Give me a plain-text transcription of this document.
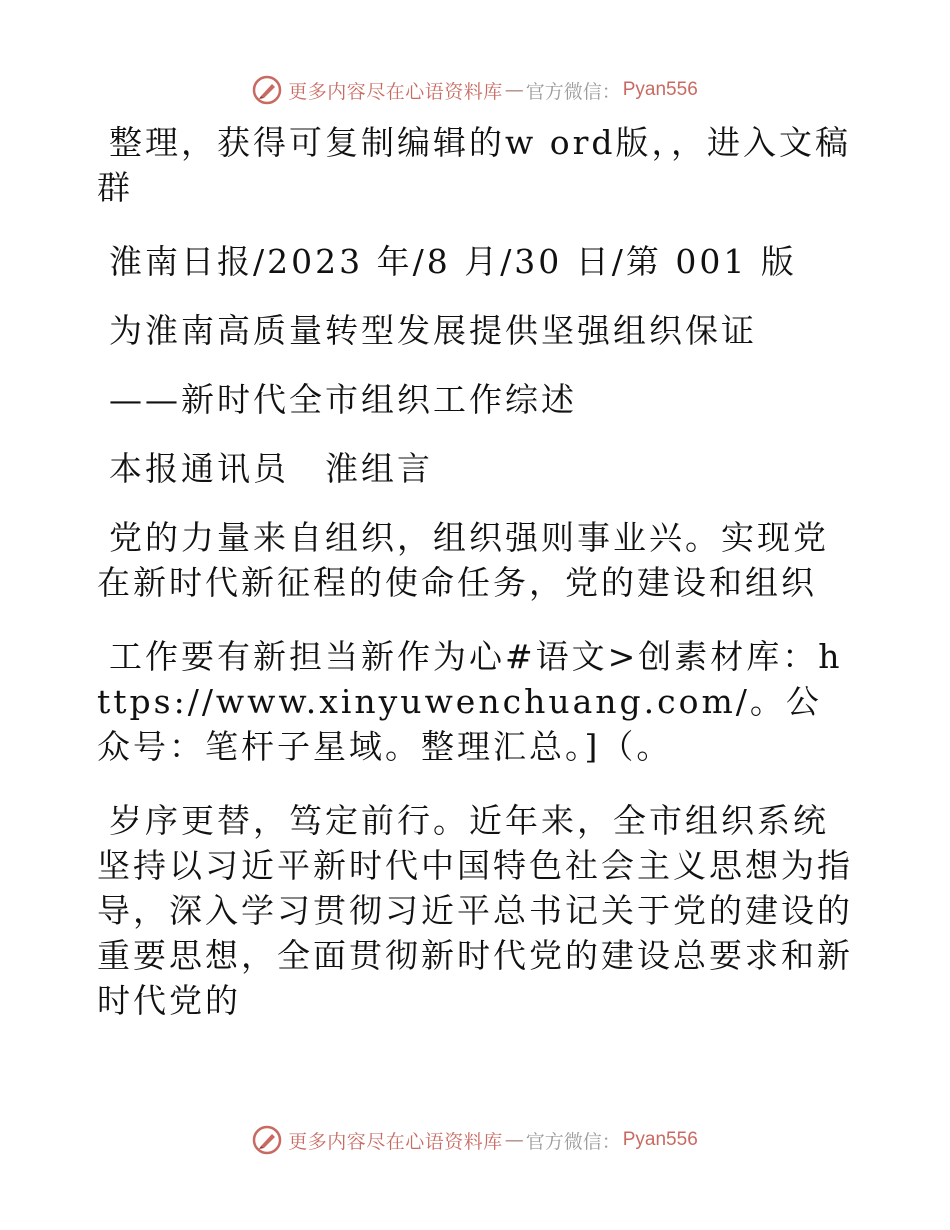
更多内容尽在心语资料库 — 官方微信： Pyan556

整理，获得可复制编辑的w ord版，，进入文稿群

淮南日报/2023 年/8 月/30 日/第 001 版

为淮南高质量转型发展提供坚强组织保证

——新时代全市组织工作综述

本报通讯员　淮组言

党的力量来自组织，组织强则事业兴。实现党在新时代新征程的使命任务，党的建设和组织

工作要有新担当新作为心#语文>创素材库：https://www.xinyuwenchuang.com/。公众号：笔杆子星域。整理汇总。]（。

岁序更替，笃定前行。近年来，全市组织系统坚持以习近平新时代中国特色社会主义思想为指导，深入学习贯彻习近平总书记关于党的建设的重要思想，全面贯彻新时代党的建设总要求和新时代党的

更多内容尽在心语资料库 — 官方微信： Pyan556
